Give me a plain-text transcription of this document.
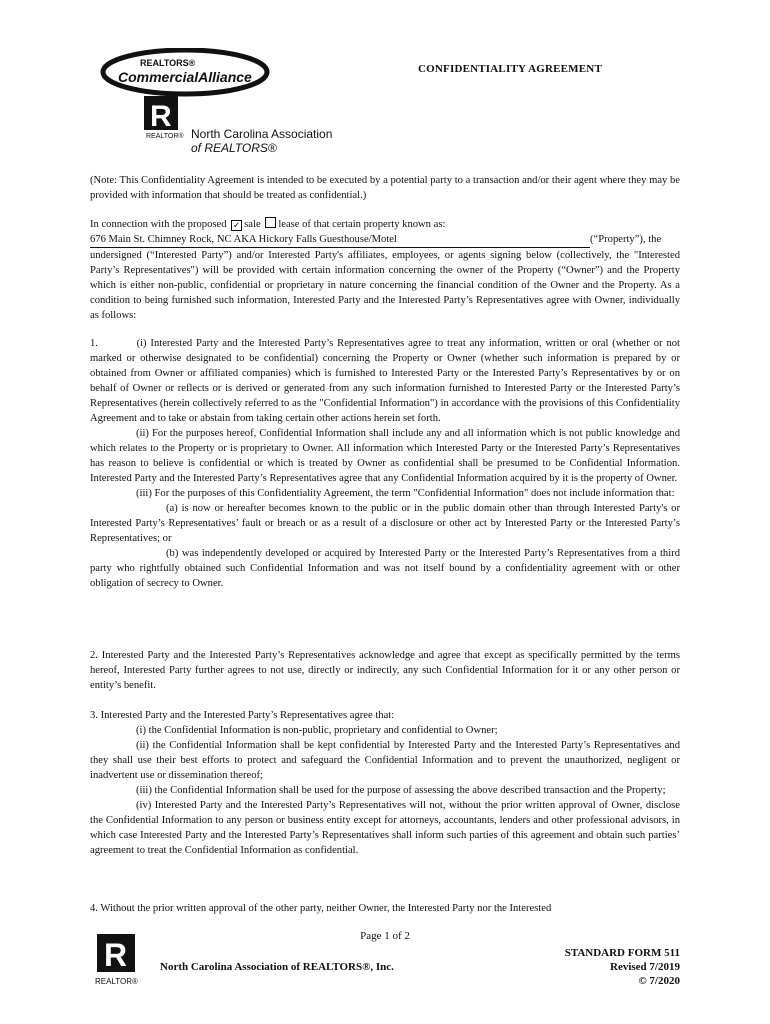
REALTORS®
CommercialAlliance
R
REALTOR® North Carolina Association
of REALTORS®
CONFIDENTIALITY AGREEMENT

(Note: This Confidentiality Agreement is intended to be executed by a potential party to a transaction and/or their agent where they may be provided with information that should be treated as confidential.)

In connection with the proposed ✓ sale lease of that certain property known as:

676 Main St. Chimney Rock, NC AKA Hickory Falls Guesthouse/Motel	(“Property”), the

undersigned (“Interested Party”) and/or Interested Party's affiliates, employees, or agents signing below (collectively, the "Interested Party’s Representatives") will be provided with certain information concerning the owner of the Property (“Owner”) and the Property which is either non-public, confidential or proprietary in nature concerning the financial condition of the Owner and the Property. As a condition to being furnished such information, Interested Party and the Interested Party’s Representatives agree with Owner, individually as follows:

1.          (i) Interested Party and the Interested Party’s Representatives agree to treat any information, written or oral (whether or not marked or otherwise designated to be confidential) concerning the Property or Owner (whether such information is prepared by or obtained from Owner or affiliated companies) which is furnished to Interested Party or the Interested Party’s Representatives by or on behalf of Owner or reflects or is derived or generated from any such information furnished to Interested Party or the Interested Party’s Representatives (herein collectively referred to as the "Confidential Information") in accordance with the provisions of this Confidentiality Agreement and to take or abstain from taking certain other actions herein set forth.

(ii) For the purposes hereof, Confidential Information shall include any and all information which is not public knowledge and which relates to the Property or is proprietary to Owner. All information which Interested Party or the Interested Party’s Representatives has reason to believe is confidential or which is treated by Owner as confidential shall be presumed to be Confidential Information. Interested Party and the Interested Party’s Representatives agree that any Confidential Information acquired by it is the property of Owner.

(iii) For the purposes of this Confidentiality Agreement, the term "Confidential Information" does not include information that:

(a) is now or hereafter becomes known to the public or in the public domain other than through Interested Party's or Interested Party’s Representatives’ fault or breach or as a result of a disclosure or other act by Interested Party or the Interested Party’s Representatives; or

(b) was independently developed or acquired by Interested Party or the Interested Party’s Representatives from a third party who rightfully obtained such Confidential Information and was not itself bound by a confidentiality agreement with or other obligation of secrecy to Owner.

2. Interested Party and the Interested Party’s Representatives acknowledge and agree that except as specifically permitted by the terms hereof, Interested Party further agrees to not use, directly or indirectly, any such Confidential Information for it or any other person or entity’s benefit.

3. Interested Party and the Interested Party’s Representatives agree that:

(i) the Confidential Information is non-public, proprietary and confidential to Owner;

(ii) the Confidential Information shall be kept confidential by Interested Party and the Interested Party’s Representatives and they shall use their best efforts to protect and safeguard the Confidential Information and to prevent the unauthorized, negligent or inadvertent use or dissemination thereof;

(iii) the Confidential Information shall be used for the purpose of assessing the above described transaction and the Property;

(iv) Interested Party and the Interested Party’s Representatives will not, without the prior written approval of Owner, disclose the Confidential Information to any person or business entity except for attorneys, accountants, lenders and other professional advisors, in which case Interested Party and the Interested Party’s Representatives shall inform such parties of this agreement and obtain such parties’ agreement to treat the Confidential Information as confidential.

4. Without the prior written approval of the other party, neither Owner, the Interested Party nor the Interested

Page 1 of 2
R
REALTOR®
North Carolina Association of REALTORS®, Inc.
STANDARD FORM 511
Revised 7/2019
© 7/2020
